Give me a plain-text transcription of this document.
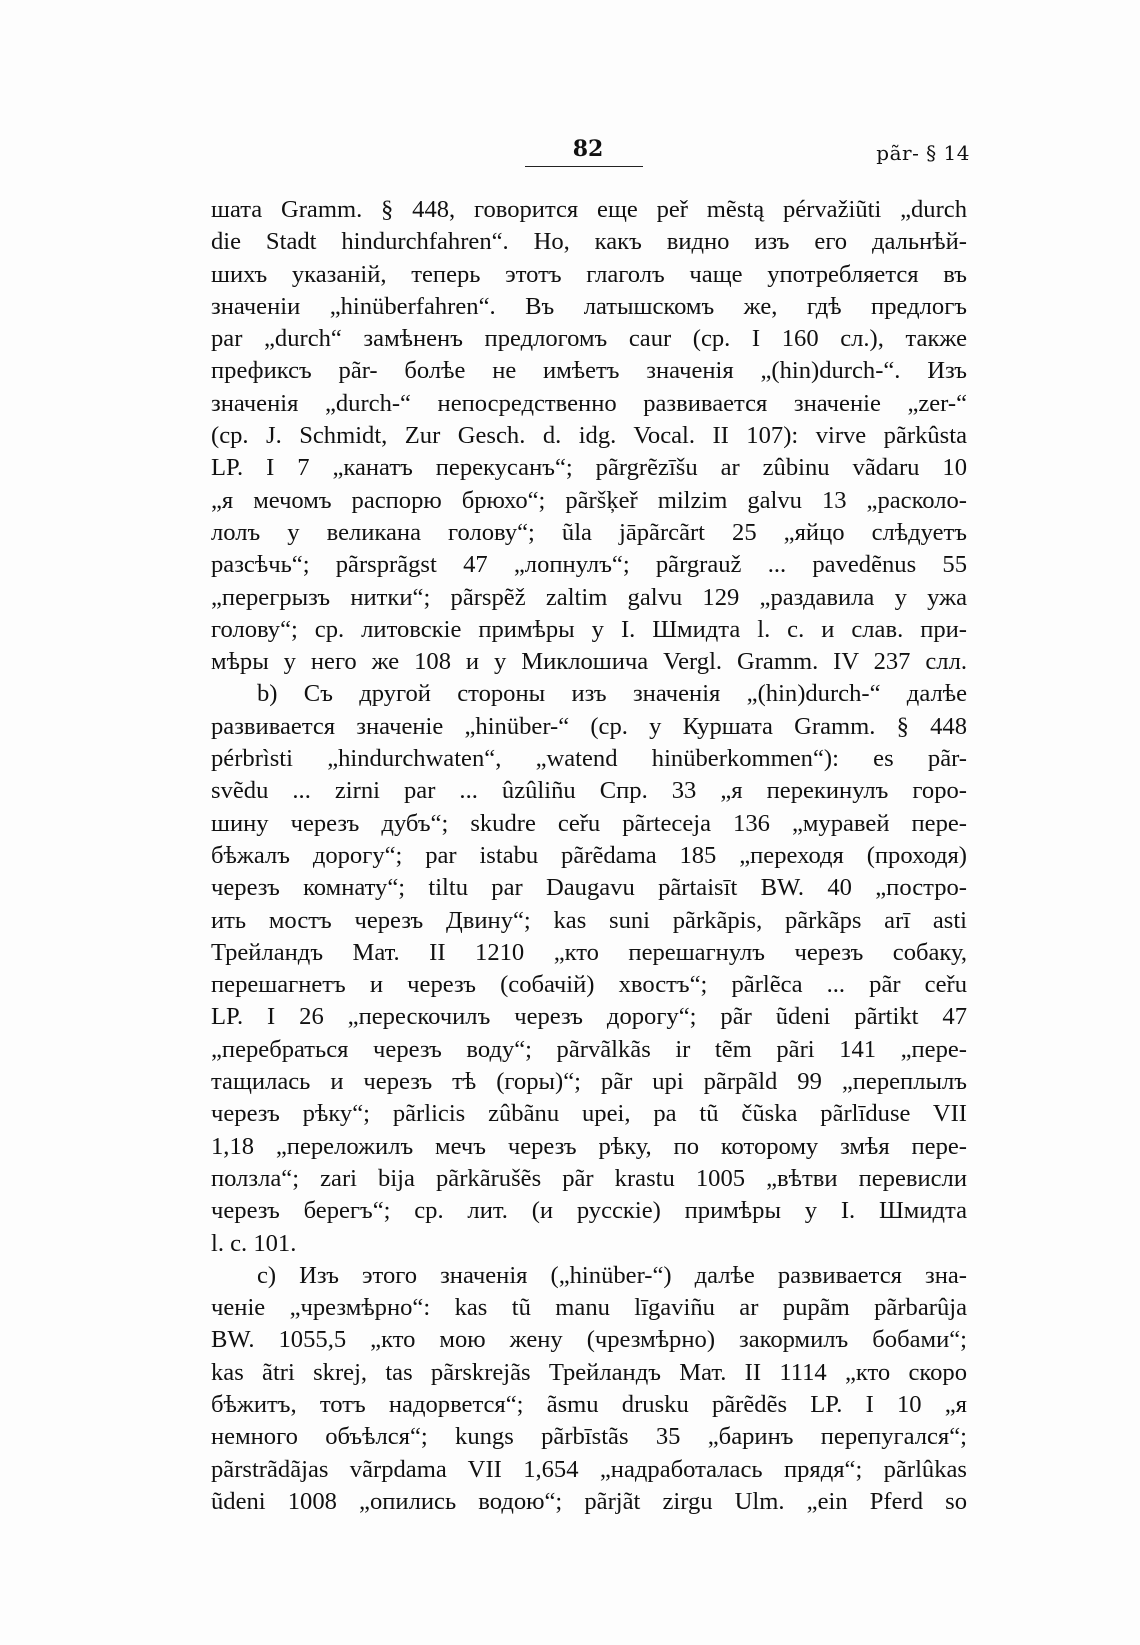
82	pãr- § 14
шата Gramm. § 448, говорится еще peř mẽstą pérvažiũti „durch
die Stadt hindurchfahren“. Но, какъ видно изъ его дальнѣй-
шихъ указаній, теперь этотъ глаголъ чаще употребляется въ
значеніи „hinüberfahren“. Въ латышскомъ же, гдѣ предлогъ
par „durch“ замѣненъ предлогомъ caur (ср. I 160 сл.), также
префиксъ pãr- болѣе не имѣетъ значенія „(hin)durch-“. Изъ
значенія „durch-“ непосредственно развивается значеніе „zer-“
(ср. J. Schmidt, Zur Gesch. d. idg. Vocal. II 107): virve pãrkûsta
LP. I 7 „канатъ перекусанъ“; pãrgrẽzīšu ar zûbinu vãdaru 10
„я мечомъ распорю брюхо“; pãršķeř milzim galvu 13 „расколо-
лолъ у великана голову“; ũla jāpãrcãrt 25 „яйцо слѣдуетъ
разсѣчь“; pãrsprãgst 47 „лопнулъ“; pãrgrauž ... pavedẽnus 55
„перегрызъ нитки“; pãrspẽž zaltim galvu 129 „раздавила у ужа
голову“; ср. литовскіе примѣры у I. Шмидта l. c. и слав. при-
мѣры у него же 108 и у Миклошича Vergl. Gramm. IV 237 слл.
b) Съ другой стороны изъ значенія „(hin)durch-“ далѣе
развивается значеніе „hinüber-“ (ср. у Куршата Gramm. § 448
pérbrìsti „hindurchwaten“, „watend hinüberkommen“): es pãr-
svẽdu ... zirni par ... ûzûliñu Спр. 33 „я перекинулъ горо-
шину черезъ дубъ“; skudre ceřu pãrteceja 136 „муравей пере-
бѣжалъ дорогу“; par istabu pãrẽdama 185 „переходя (проходя)
черезъ комнату“; tiltu par Daugavu pãrtaisīt BW. 40 „постро-
ить мостъ черезъ Двину“; kas suni pãrkãpis, pãrkãps arī asti
Трейландъ Мат. II 1210 „кто перешагнулъ черезъ собаку,
перешагнетъ и черезъ (собачій) хвостъ“; pãrlẽca ... pãr ceřu
LP. I 26 „перескочилъ черезъ дорогу“; pãr ũdeni pãrtikt 47
„перебраться черезъ воду“; pãrvãlkãs ir tẽm pãri 141 „пере-
тащилась и черезъ тѣ (горы)“; pãr upi pãrpãld 99 „переплылъ
черезъ рѣку“; pãrlicis zûbãnu upei, pa tũ čũska pãrlīduse VII
1,18 „переложилъ мечъ черезъ рѣку, по которому змѣя пере-
ползла“; zari bija pãrkãrušẽs pãr krastu 1005 „вѣтви перевисли
черезъ берегъ“; ср. лит. (и русскіе) примѣры у I. Шмидта
l. c. 101.
c) Изъ этого значенія („hinüber-“) далѣе развивается зна-
ченіе „чрезмѣрно“: kas tũ manu līgaviñu ar pupãm pãrbarûja
BW. 1055,5 „кто мою жену (чрезмѣрно) закормилъ бобами“;
kas ãtri skrej, tas pãrskrejãs Трейландъ Мат. II 1114 „кто скоро
бѣжитъ, тотъ надорвется“; ãsmu drusku pãrẽdẽs LP. I 10 „я
немного объѣлся“; kungs pãrbīstãs 35 „баринъ перепугался“;
pãrstrãdãjas vãrpdama VII 1,654 „надработалась прядя“; pãrlûkas
ũdeni 1008 „опились водою“; pãrjãt zirgu Ulm. „ein Pferd so
